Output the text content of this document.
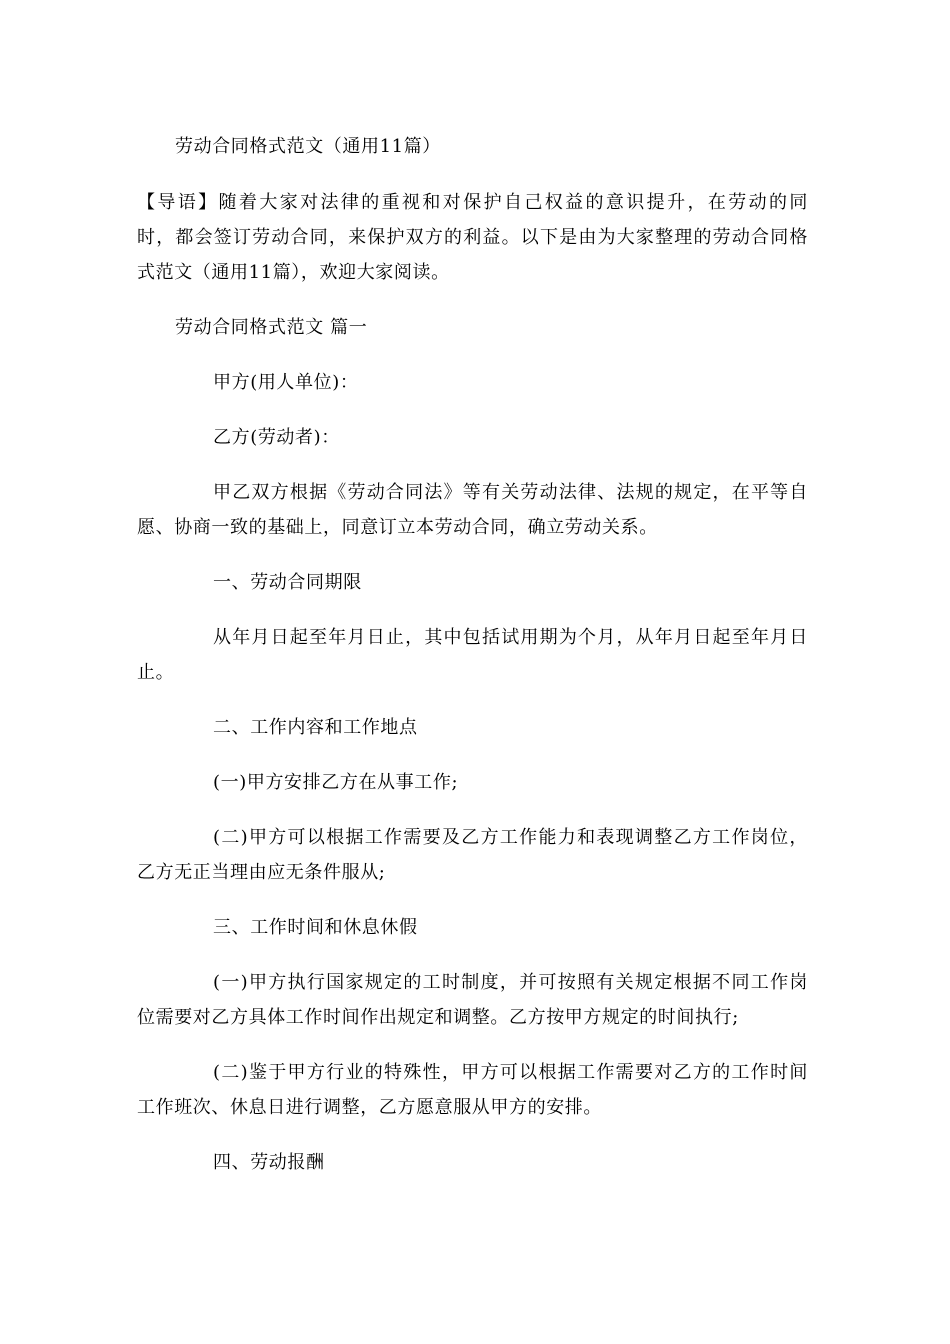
劳动合同格式范文（通用11篇）
【导语】随着大家对法律的重视和对保护自己权益的意识提升，在劳动的同
时，都会签订劳动合同，来保护双方的利益。以下是由为大家整理的劳动合同格
式范文（通用11篇），欢迎大家阅读。
劳动合同格式范文 篇一
甲方(用人单位)：
乙方(劳动者)：
甲乙双方根据《劳动合同法》等有关劳动法律、法规的规定，在平等自
愿、协商一致的基础上，同意订立本劳动合同，确立劳动关系。
一、劳动合同期限
从年月日起至年月日止，其中包括试用期为个月，从年月日起至年月日
止。
二、工作内容和工作地点
(一)甲方安排乙方在从事工作;
(二)甲方可以根据工作需要及乙方工作能力和表现调整乙方工作岗位，
乙方无正当理由应无条件服从;
三、工作时间和休息休假
(一)甲方执行国家规定的工时制度，并可按照有关规定根据不同工作岗
位需要对乙方具体工作时间作出规定和调整。乙方按甲方规定的时间执行;
(二)鉴于甲方行业的特殊性，甲方可以根据工作需要对乙方的工作时间
工作班次、休息日进行调整，乙方愿意服从甲方的安排。
四、劳动报酬
